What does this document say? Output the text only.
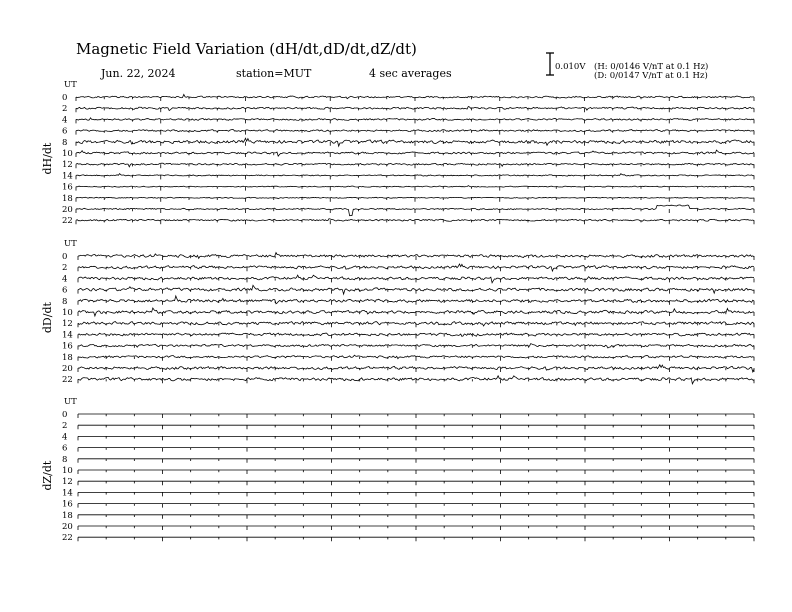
Magnetic Field Variation (dH/dt,dD/dt,dZ/dt)
Jun. 22, 2024	station=MUT	4 sec averages	0.010V (H: 0/0146 V/nT at 0.1 Hz)
(D: 0/0147 V/nT at 0.1 Hz)
UT
dH/dt
0
2
4
6
8
10
12
14
16
18
20
22
UT
dD/dt
0
2
4
6
8
10
12
14
16
18
20
22
UT
dZ/dt
0
2
4
6
8
10
12
14
16
18
20
22
